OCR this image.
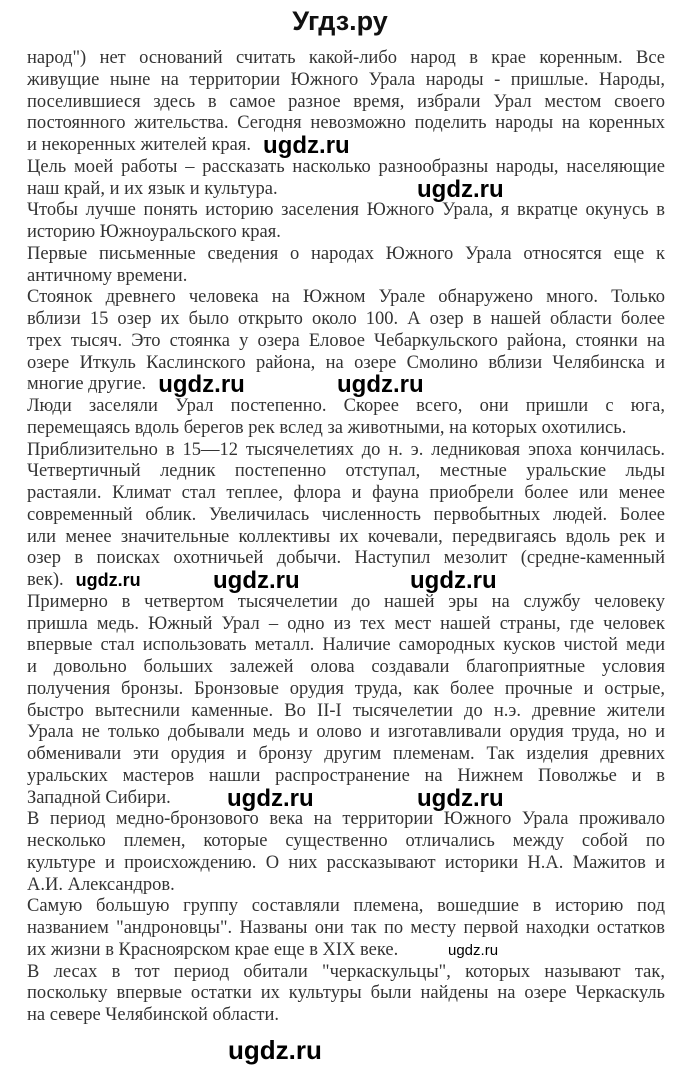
Угдз.ру
народ") нет оснований считать какой-либо народ в крае коренным. Все
живущие ныне на территории Южного Урала народы - пришлые. Народы,
поселившиеся здесь в самое разное время, избрали Урал местом своего
постоянного жительства. Сегодня невозможно поделить народы на коренных
и некоренных жителей края. ugdz.ru
Цель моей работы – рассказать насколько разнообразны народы, населяющие
наш край, и их язык и культура.	ugdz.ru
Чтобы лучше понять историю заселения Южного Урала, я вкратце окунусь в
историю Южноуральского края.
Первые письменные сведения о народах Южного Урала относятся еще к
античному времени.
Стоянок древнего человека на Южном Урале обнаружено много. Только
вблизи 15 озер их было открыто около 100. А озер в нашей области более
трех тысяч. Это стоянка у озера Еловое Чебаркульского района, стоянки на
озере Иткуль Каслинского района, на озере Смолино вблизи Челябинска и
многие другие. ugdz.ru	ugdz.ru
Люди заселяли Урал постепенно. Скорее всего, они пришли с юга,
перемещаясь вдоль берегов рек вслед за животными, на которых охотились.
Приблизительно в 15—12 тысячелетиях до н. э. ледниковая эпоха кончилась.
Четвертичный ледник постепенно отступал, местные уральские льды
растаяли. Климат стал теплее, флора и фауна приобрели более или менее
современный облик. Увеличилась численность первобытных людей. Более
или менее значительные коллективы их кочевали, передвигаясь вдоль рек и
озер в поисках охотничьей добычи. Наступил мезолит (средне-каменный
век). ugdz.ru	ugdz.ru	ugdz.ru
Примерно в четвертом тысячелетии до нашей эры на службу человеку
пришла медь. Южный Урал – одно из тех мест нашей страны, где человек
впервые стал использовать металл. Наличие самородных кусков чистой меди
и довольно больших залежей олова создавали благоприятные условия
получения бронзы. Бронзовые орудия труда, как более прочные и острые,
быстро вытеснили каменные. Во II-I тысячелетии до н.э. древние жители
Урала не только добывали медь и олово и изготавливали орудия труда, но и
обменивали эти орудия и бронзу другим племенам. Так изделия древних
уральских мастеров нашли распространение на Нижнем Поволжье и в
Западной Сибири. ugdz.ru	ugdz.ru
В период медно-бронзового века на территории Южного Урала проживало
несколько племен, которые существенно отличались между собой по
культуре и происхождению. О них рассказывают историки Н.А. Мажитов и
А.И. Александров.
Самую большую группу составляли племена, вошедшие в историю под
названием "андроновцы". Названы они так по месту первой находки остатков
их жизни в Красноярском крае еще в XIX веке.	ugdz.ru
В лесах в тот период обитали "черкаскульцы", которых называют так,
поскольку впервые остатки их культуры были найдены на озере Черкаскуль
на севере Челябинской области.
ugdz.ru
